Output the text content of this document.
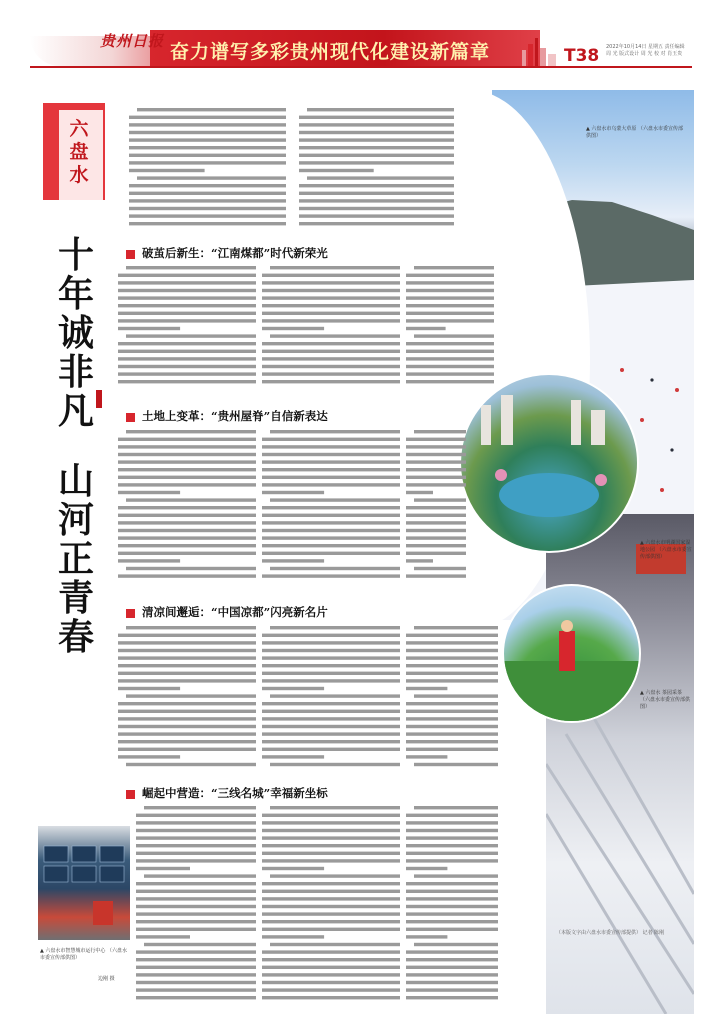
贵州日报 奋力谱写多彩贵州现代化建设新篇章	T38 2022年10月14日 星期五 责任编辑 周 光 版式设计 周 光 校 对 肖玉贵
六盘水
十年诚非凡
山河正青春
破茧后新生：“江南煤都”时代新荣光
土地上变革：“贵州屋脊”自信新表达
清凉间邂逅：“中国凉都”闪亮新名片
崛起中营造：“三线名城”幸福新坐标
▲ 六盘水市乌蒙大草原 （六盘水市委宣传部供图）
▲ 六盘水市明湖国家湿地公园 （六盘水市委宣传部供图）
▲ 六盘水 茶园采茶 （六盘水市委宣传部供图）
▲ 六盘水市智慧城市运行中心 （六盘水市委宣传部供图）
边刚 摄
（本版文字由六盘水市委宣传部提供） 记者 陈刚
